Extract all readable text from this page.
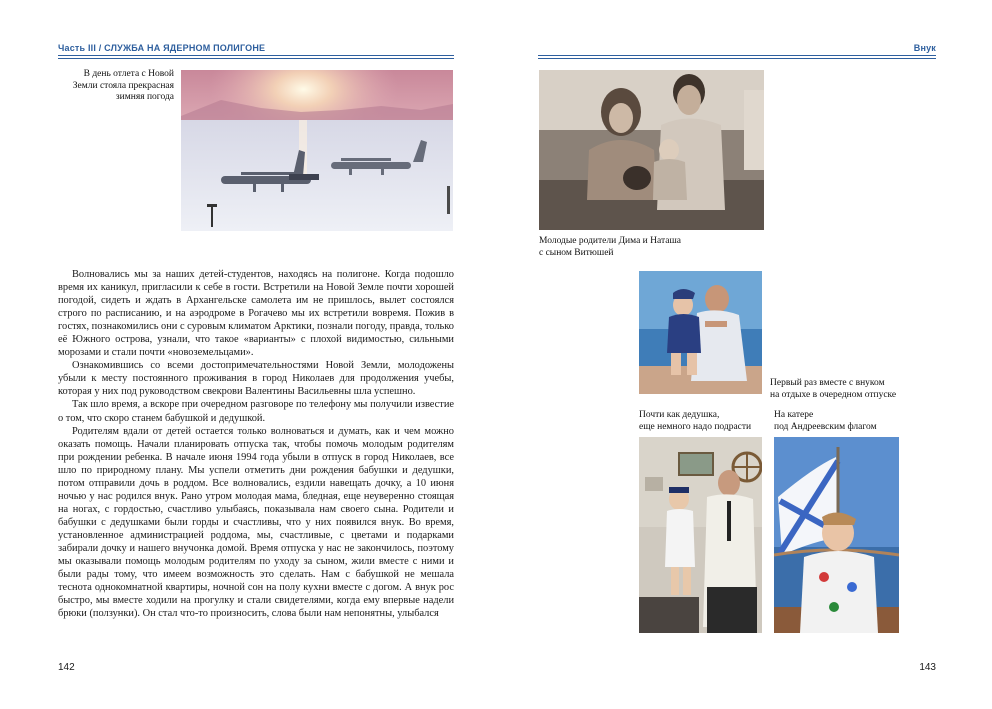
Часть III / СЛУЖБА НА ЯДЕРНОМ ПОЛИГОНЕ
В день отлета с Новой
Земли стояла прекрасная
зимняя погода

Волновались мы за наших детей-студентов, находясь на полигоне. Когда подошло время их каникул, пригласили к себе в гости. Встретили на Новой Земле почти хорошей погодой, сидеть и ждать в Архангельске самолета им не пришлось, вылет состоялся строго по расписанию, и на аэродроме в Рогачево мы их встретили вовремя. Пожив в гостях, познакомились они с суровым климатом Арктики, познали погоду, правда, только её Южного острова, узнали, что такое «варианты» с плохой видимостью, сильными морозами и стали почти «новоземельцами».

Ознакомившись со всеми достопримечательностями Новой Земли, молодожены убыли к месту постоянного проживания в город Николаев для продолжения учебы, которая у них под руководством свекрови Валентины Васильевны шла успешно.

Так шло время, а вскоре при очередном разговоре по телефону мы получили известие о том, что скоро станем бабушкой и дедушкой.

Родителям вдали от детей остается только волноваться и думать, как и чем можно оказать помощь. Начали планировать отпуска так, чтобы помочь молодым родителям при рождении ребенка. В начале июня 1994 года убыли в отпуск в город Николаев, все шло по природному плану. Мы успели отметить дни рождения бабушки и дедушки, потом отправили дочь в роддом. Все волновались, ездили навещать дочку, а 10 июня ночью у нас родился внук. Рано утром молодая мама, бледная, еще неуверенно стоящая на ногах, с гордостью, счастливо улыбаясь, показывала нам своего сына. Родители и бабушки с дедушками были горды и счастливы, что у них появился внук. Во время, установленное администрацией роддома, мы, счастливые, с цветами и подарками забирали дочку и нашего внучонка домой. Время отпуска у нас не закончилось, поэтому мы оказывали помощь молодым родителям по уходу за сыном, жили вместе с ними и были рады тому, что имеем возможность это сделать. Нам с бабушкой не мешала теснота однокомнатной квартиры, ночной сон на полу кухни вместе с догом. А внук рос быстро, мы вместе ходили на прогулку и стали свидетелями, когда ему впервые надели брюки (ползунки). Он стал что-то произносить, слова были нам непонятны, улыбался

142
Внук
Молодые родители Дима и Наташа
с сыном Витюшей
Первый раз вместе с внуком
на отдыхе в очередном отпуске
Почти как дедушка,
еще немного надо подрасти
На катере
под Андреевским флагом
143
